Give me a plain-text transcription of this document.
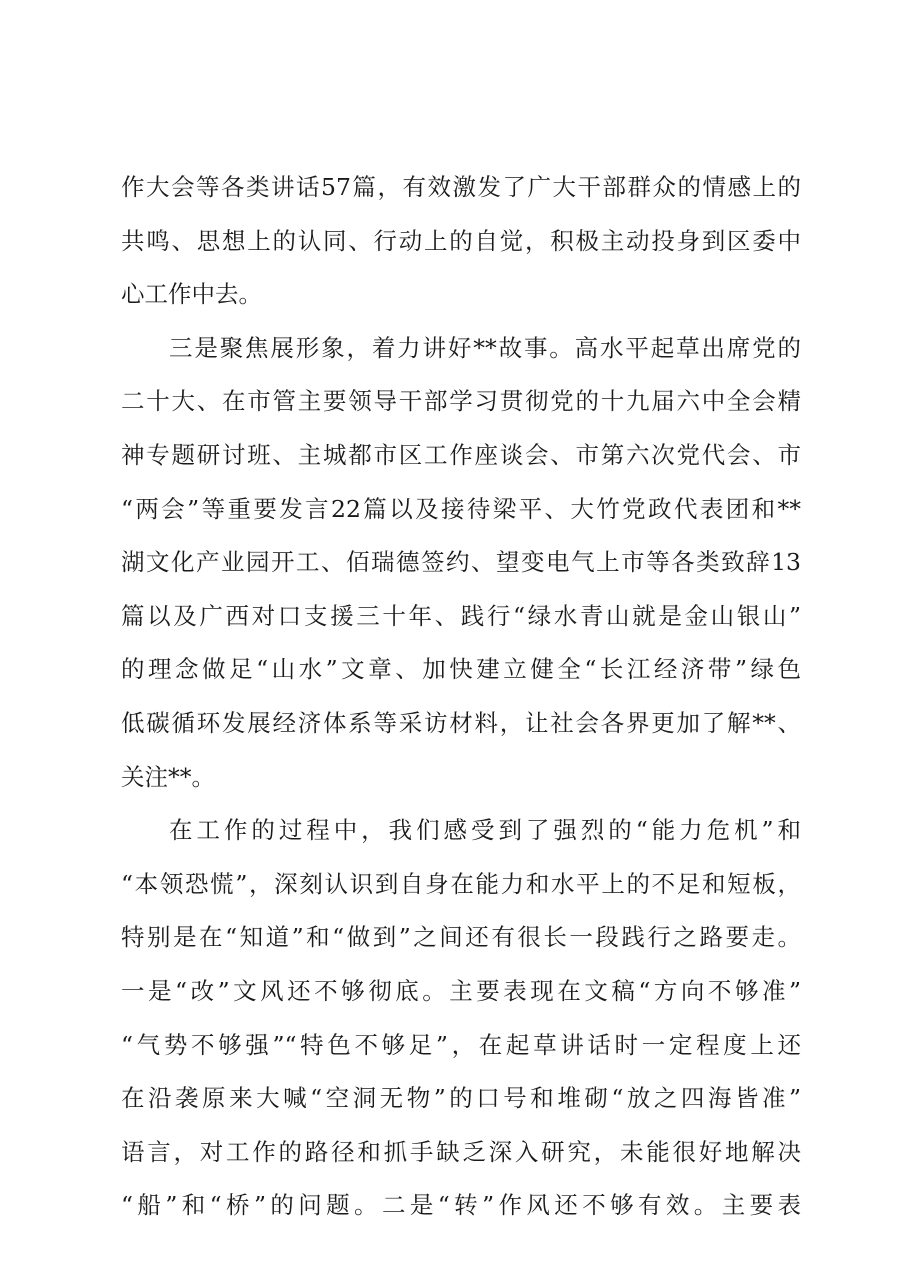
作大会等各类讲话57篇，有效激发了广大干部群众的情感上的
共鸣、思想上的认同、行动上的自觉，积极主动投身到区委中
心工作中去。
三是聚焦展形象，着力讲好**故事。高水平起草出席党的
二十大、在市管主要领导干部学习贯彻党的十九届六中全会精
神专题研讨班、主城都市区工作座谈会、市第六次党代会、市
“两会”等重要发言22篇以及接待梁平、大竹党政代表团和**
湖文化产业园开工、佰瑞德签约、望变电气上市等各类致辞13
篇以及广西对口支援三十年、践行“绿水青山就是金山银山”
的理念做足“山水”文章、加快建立健全“长江经济带”绿色
低碳循环发展经济体系等采访材料，让社会各界更加了解**、
关注**。
在工作的过程中，我们感受到了强烈的“能力危机”和
“本领恐慌”，深刻认识到自身在能力和水平上的不足和短板，
特别是在“知道”和“做到”之间还有很长一段践行之路要走。
一是“改”文风还不够彻底。主要表现在文稿“方向不够准”
“气势不够强”“特色不够足”，在起草讲话时一定程度上还
在沿袭原来大喊“空洞无物”的口号和堆砌“放之四海皆准”
语言，对工作的路径和抓手缺乏深入研究，未能很好地解决
“船”和“桥”的问题。二是“转”作风还不够有效。主要表
